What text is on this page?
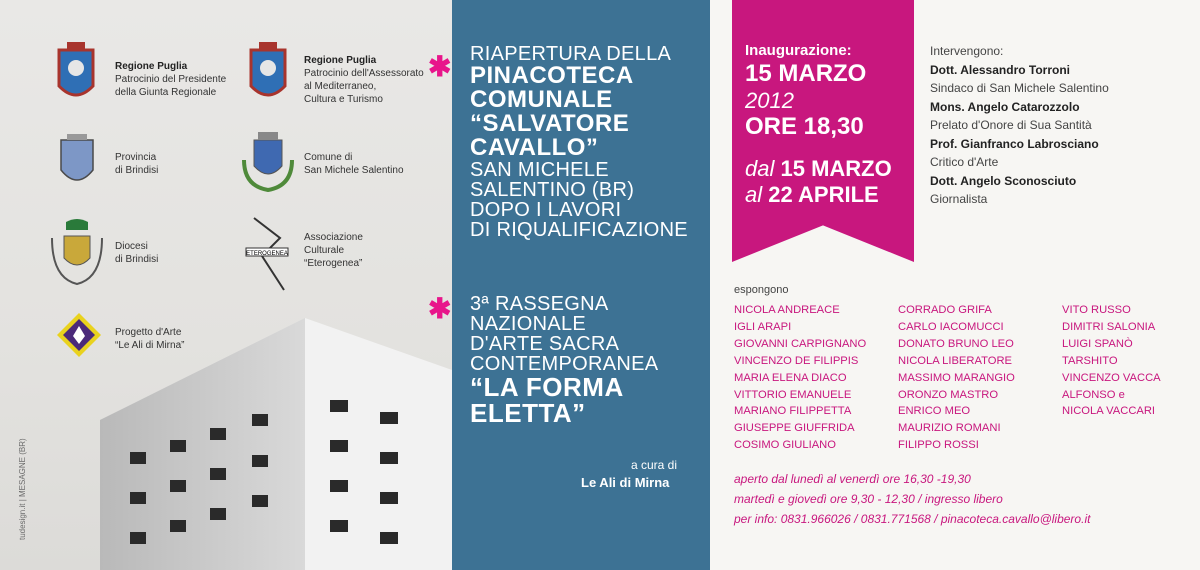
Regione Puglia
Patrocinio del Presidente
della Giunta Regionale
Regione Puglia
Patrocinio dell'Assessorato
al Mediterraneo,
Cultura e Turismo
Provincia
di Brindisi
Comune di
San Michele Salentino
Diocesi
di Brindisi	ETEROGENEA
Associazione
Culturale
“Eterogenea”
Progetto d'Arte
“Le Ali di Mirna”
tudesign.it | MESAGNE (BR)
✱ RIAPERTURA DELLA
PINACOTECA
COMUNALE
“SALVATORE
CAVALLO”
SAN MICHELE
SALENTINO (BR)
DOPO I LAVORI
DI RIQUALIFICAZIONE
✱ 3ª RASSEGNA
NAZIONALE
D'ARTE SACRA
CONTEMPORANEA
“LA FORMA
ELETTA”
a cura di
Le Ali di Mirna
Inaugurazione:
15 MARZO
2012
ORE 18,30
dal 15 MARZO
al 22 APRILE
Intervengono:
Dott. Alessandro Torroni
Sindaco di San Michele Salentino
Mons. Angelo Catarozzolo
Prelato d'Onore di Sua Santità
Prof. Gianfranco Labrosciano
Critico d'Arte
Dott. Angelo Sconosciuto
Giornalista
espongono
NICOLA ANDREACE
IGLI ARAPI
GIOVANNI CARPIGNANO
VINCENZO DE FILIPPIS
MARIA ELENA DIACO
VITTORIO EMANUELE
MARIANO FILIPPETTA
GIUSEPPE GIUFFRIDA
COSIMO GIULIANO
CORRADO GRIFA
CARLO IACOMUCCI
DONATO BRUNO LEO
NICOLA LIBERATORE
MASSIMO MARANGIO
ORONZO MASTRO
ENRICO MEO
MAURIZIO ROMANI
FILIPPO ROSSI
VITO RUSSO
DIMITRI SALONIA
LUIGI SPANÒ
TARSHITO
VINCENZO VACCA
ALFONSO e
NICOLA VACCARI
aperto dal lunedì al venerdì ore 16,30 -19,30
martedì e giovedì ore 9,30 - 12,30 / ingresso libero
per info: 0831.966026 / 0831.771568 / pinacoteca.cavallo@libero.it
